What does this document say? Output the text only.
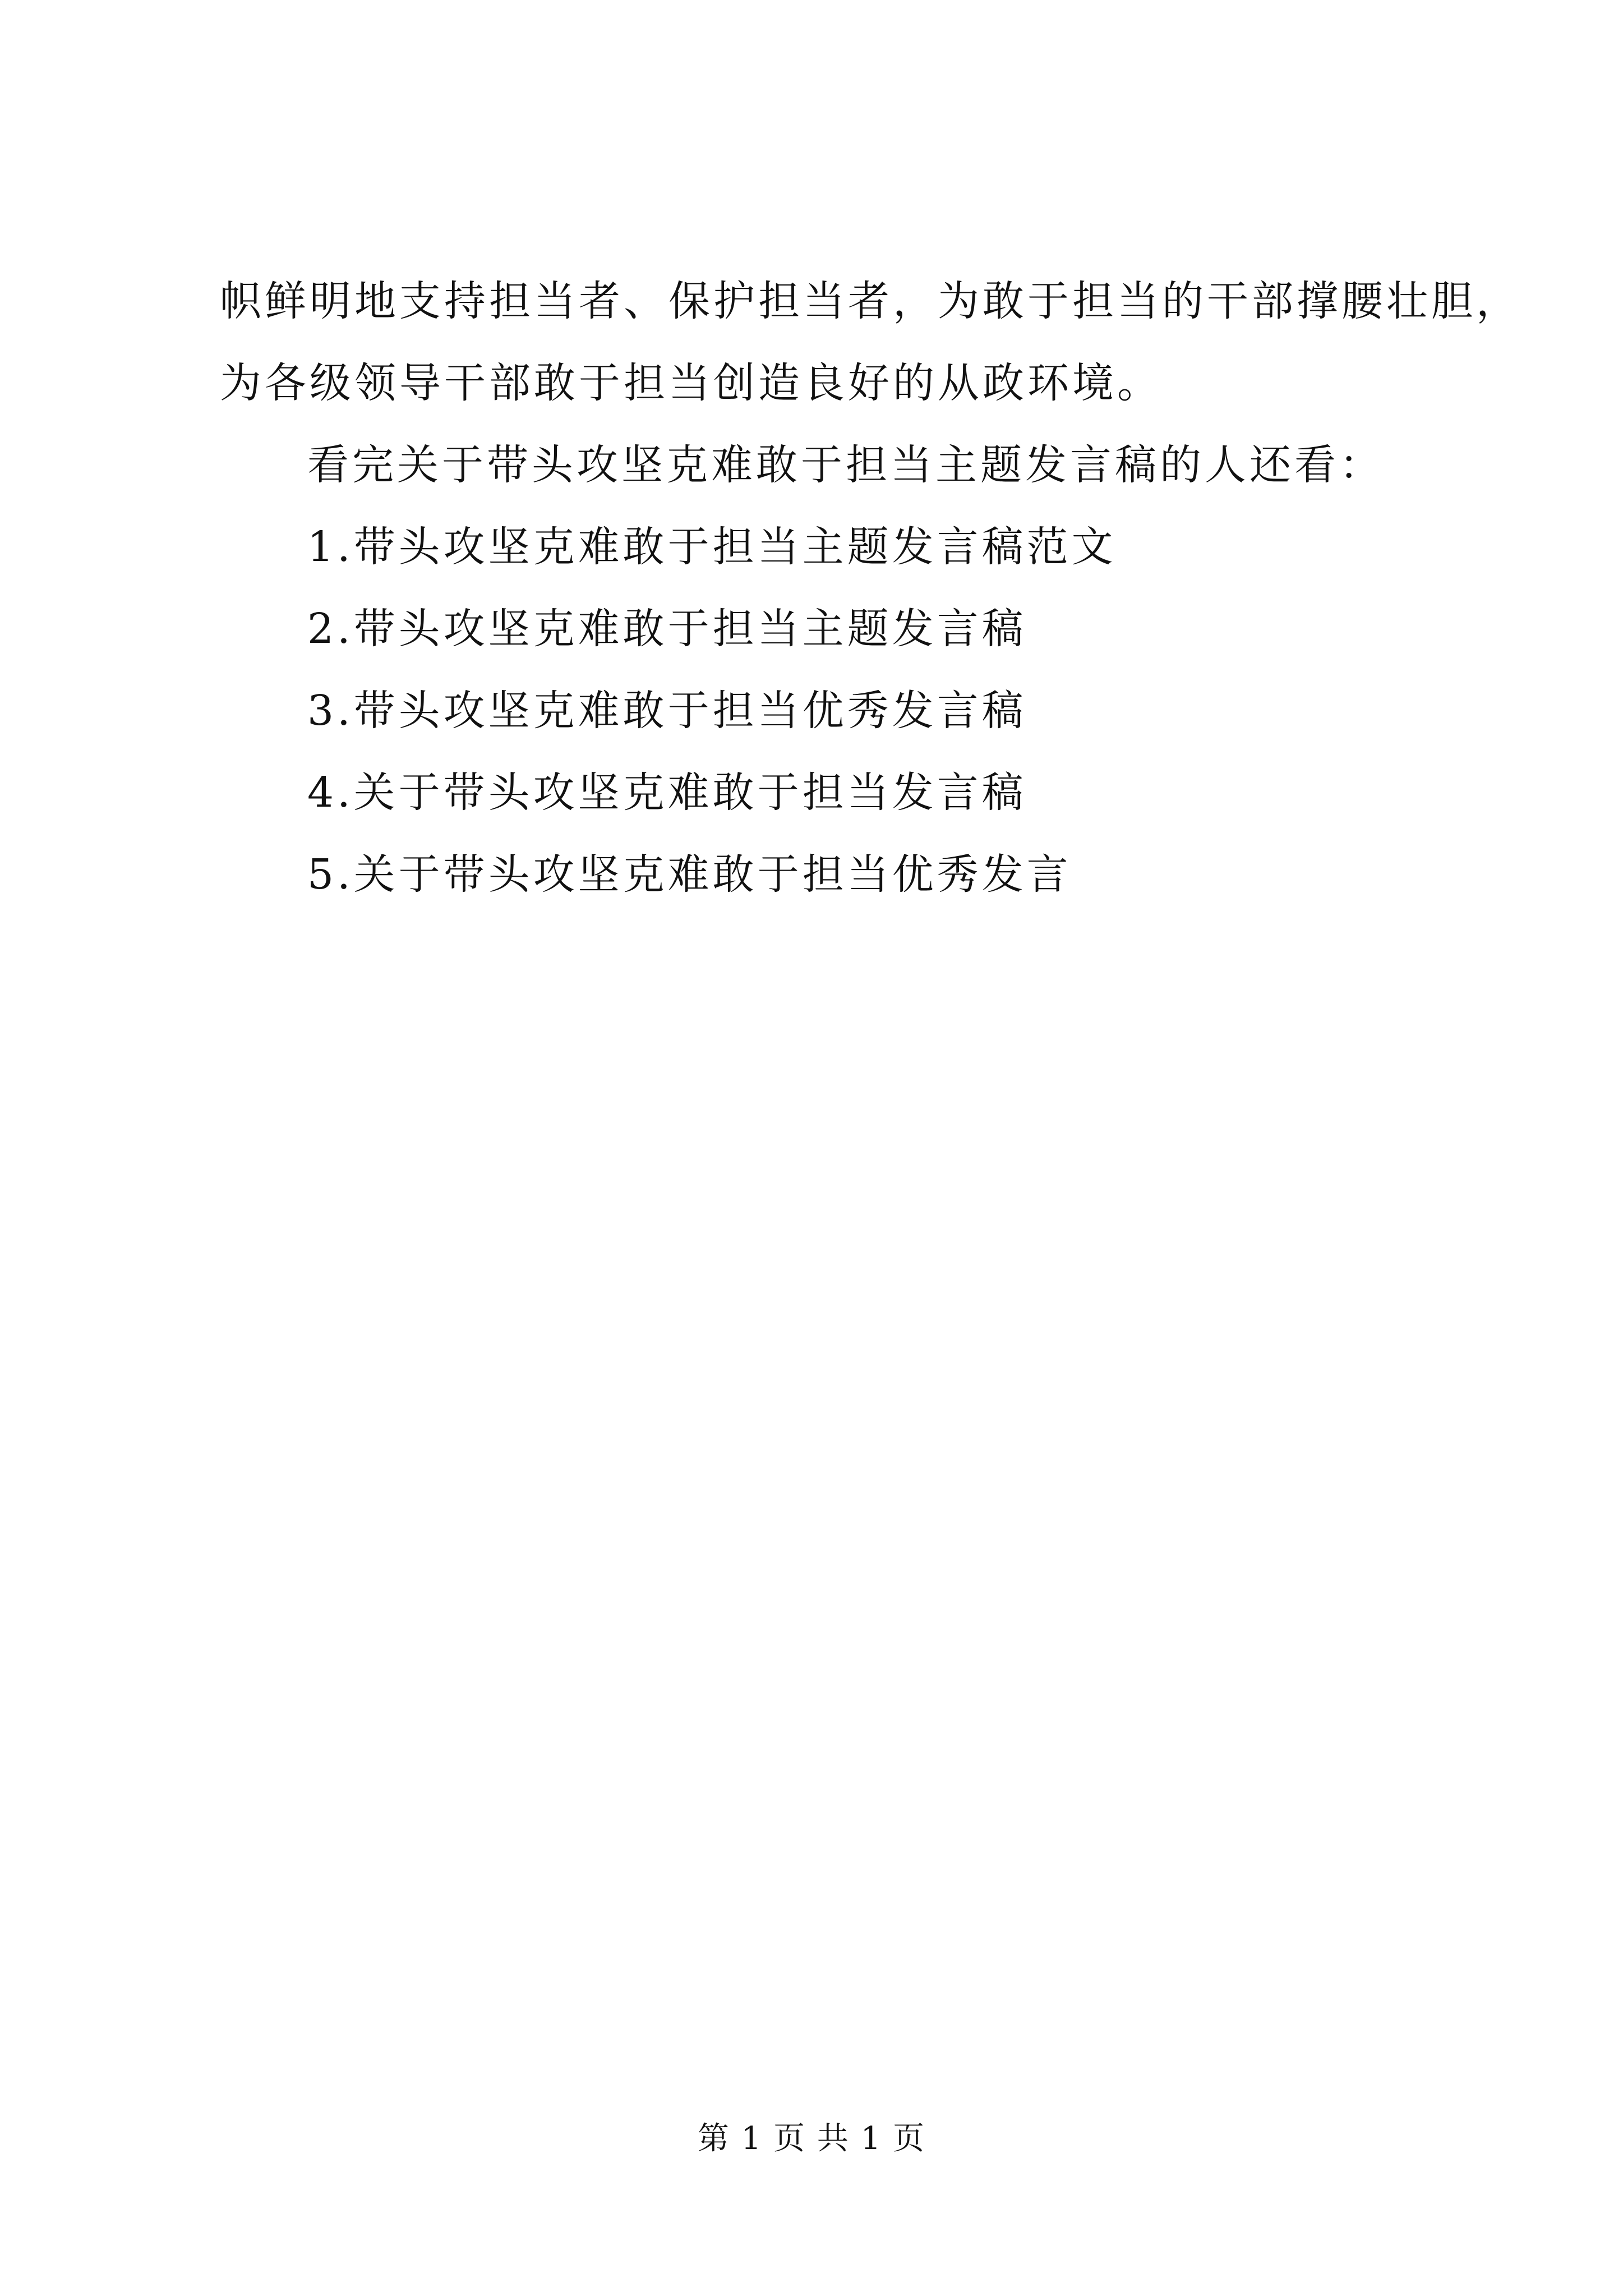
帜鲜明地支持担当者、保护担当者，为敢于担当的干部撑腰壮胆，
为各级领导干部敢于担当创造良好的从政环境。
看完关于带头攻坚克难敢于担当主题发言稿的人还看：
1.带头攻坚克难敢于担当主题发言稿范文
2.带头攻坚克难敢于担当主题发言稿
3.带头攻坚克难敢于担当优秀发言稿
4.关于带头攻坚克难敢于担当发言稿
5.关于带头攻坚克难敢于担当优秀发言
第 1 页 共 1 页
